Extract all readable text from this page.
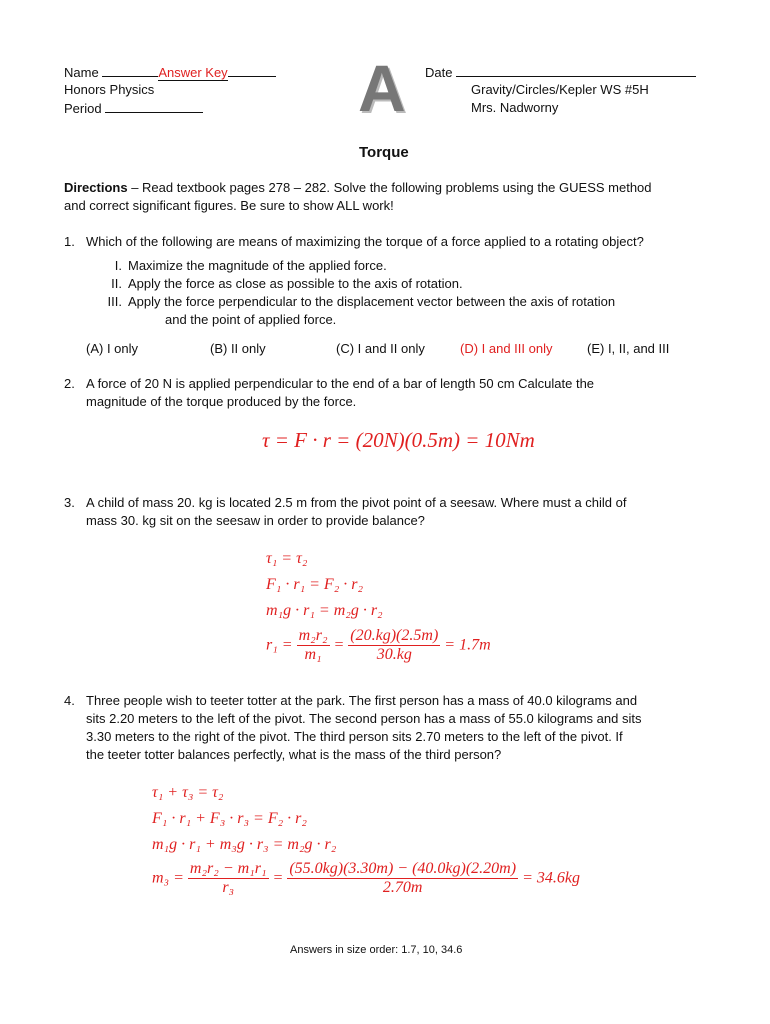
Name	Answer Key
Honors Physics
Period	A Date
Gravity/Circles/Kepler WS #5H
Mrs. Nadworny
Torque
Directions – Read textbook pages 278 – 282. Solve the following problems using the GUESS method
and correct significant figures. Be sure to show ALL work!
1. Which of the following are means of maximizing the torque of a force applied to a rotating object?
I. Maximize the magnitude of the applied force.
II. Apply the force as close as possible to the axis of rotation.
III. Apply the force perpendicular to the displacement vector between the axis of rotation
and the point of applied force.
(A) I only	(B) II only	(C) I and II only	(D) I and III only	(E) I, II, and III
2. A force of 20 N is applied perpendicular to the end of a bar of length 50 cm Calculate the
magnitude of the torque produced by the force.
τ = F · r = (20N)(0.5m) = 10Nm
3. A child of mass 20. kg is located 2.5 m from the pivot point of a seesaw. Where must a child of
mass 30. kg sit on the seesaw in order to provide balance?
τ₁ = τ₂
F₁ · r₁ = F₂ · r₂
m₁g · r₁ = m₂g · r₂
$r_1 = \frac{\text{m₂r₂}}{\text{m₁}} = \frac{(20.kg)(2.5m)}{30.kg} = 1.7m$
4. Three people wish to teeter totter at the park. The first person has a mass of 40.0 kilograms and
sits 2.20 meters to the left of the pivot. The second person has a mass of 55.0 kilograms and sits
3.30 meters to the right of the pivot. The third person sits 2.70 meters to the left of the pivot. If
the teeter totter balances perfectly, what is the mass of the third person?
τ₁ + τ₃ = τ₂
F₁ · r₁ + F₃ · r₃ = F₂ · r₂
m₁g · r₁ + m₃g · r₃ = m₂g · r₂
$m_3 = \frac{\text{m₂r₂ − m₁r₁}}{\text{r₃}} = \frac{(55.0kg)(3.30m) - (40.0kg)(2.20m)}{2.70m} = 34.6kg$
Answers in size order: 1.7, 10, 34.6
